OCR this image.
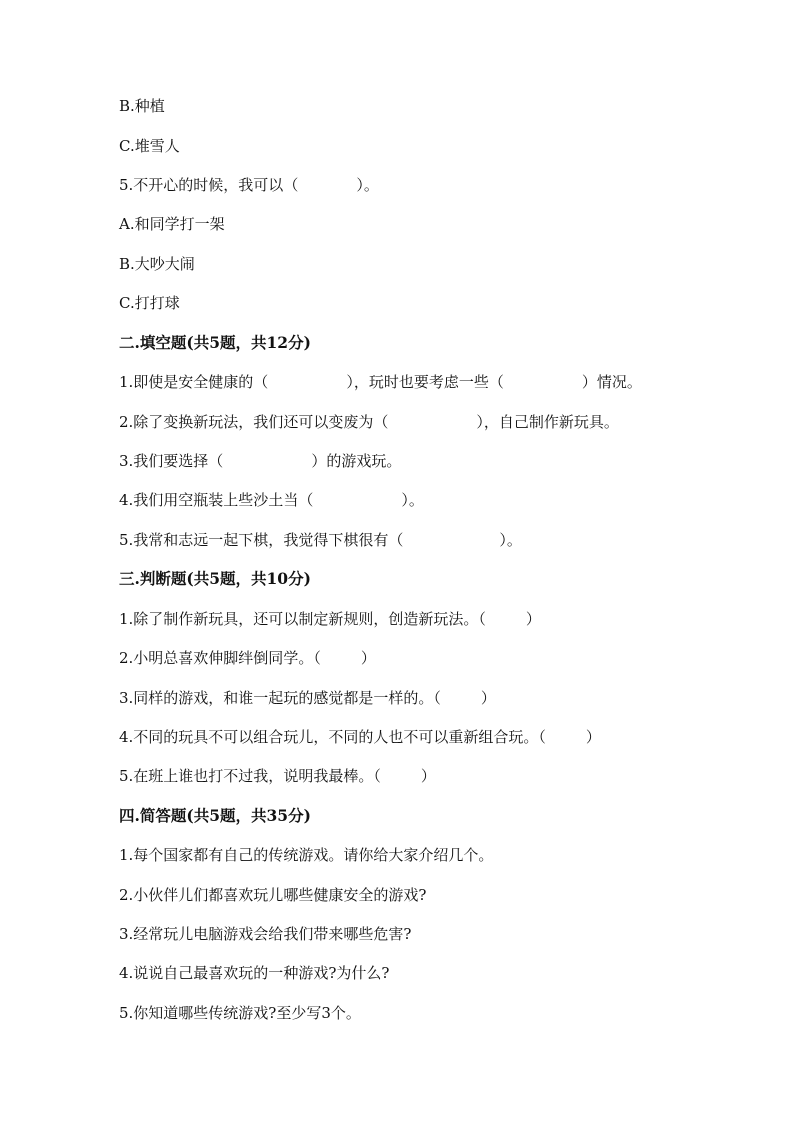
B.种植
C.堆雪人
5.不开心的时候，我可以（	）。
A.和同学打一架
B.大吵大闹
C.打打球
二.填空题(共5题，共12分)
1.即使是安全健康的（	），玩时也要考虑一些（	）情况。
2.除了变换新玩法，我们还可以变废为（	），自己制作新玩具。
3.我们要选择（	）的游戏玩。
4.我们用空瓶装上些沙土当（	）。
5.我常和志远一起下棋，我觉得下棋很有（	）。
三.判断题(共5题，共10分)
1.除了制作新玩具，还可以制定新规则，创造新玩法。（	）
2.小明总喜欢伸脚绊倒同学。（	）
3.同样的游戏，和谁一起玩的感觉都是一样的。（	）
4.不同的玩具不可以组合玩儿，不同的人也不可以重新组合玩。（	）
5.在班上谁也打不过我，说明我最棒。（	）
四.简答题(共5题，共35分)
1.每个国家都有自己的传统游戏。请你给大家介绍几个。
2.小伙伴儿们都喜欢玩儿哪些健康安全的游戏?
3.经常玩儿电脑游戏会给我们带来哪些危害?
4.说说自己最喜欢玩的一种游戏?为什么?
5.你知道哪些传统游戏?至少写3个。
